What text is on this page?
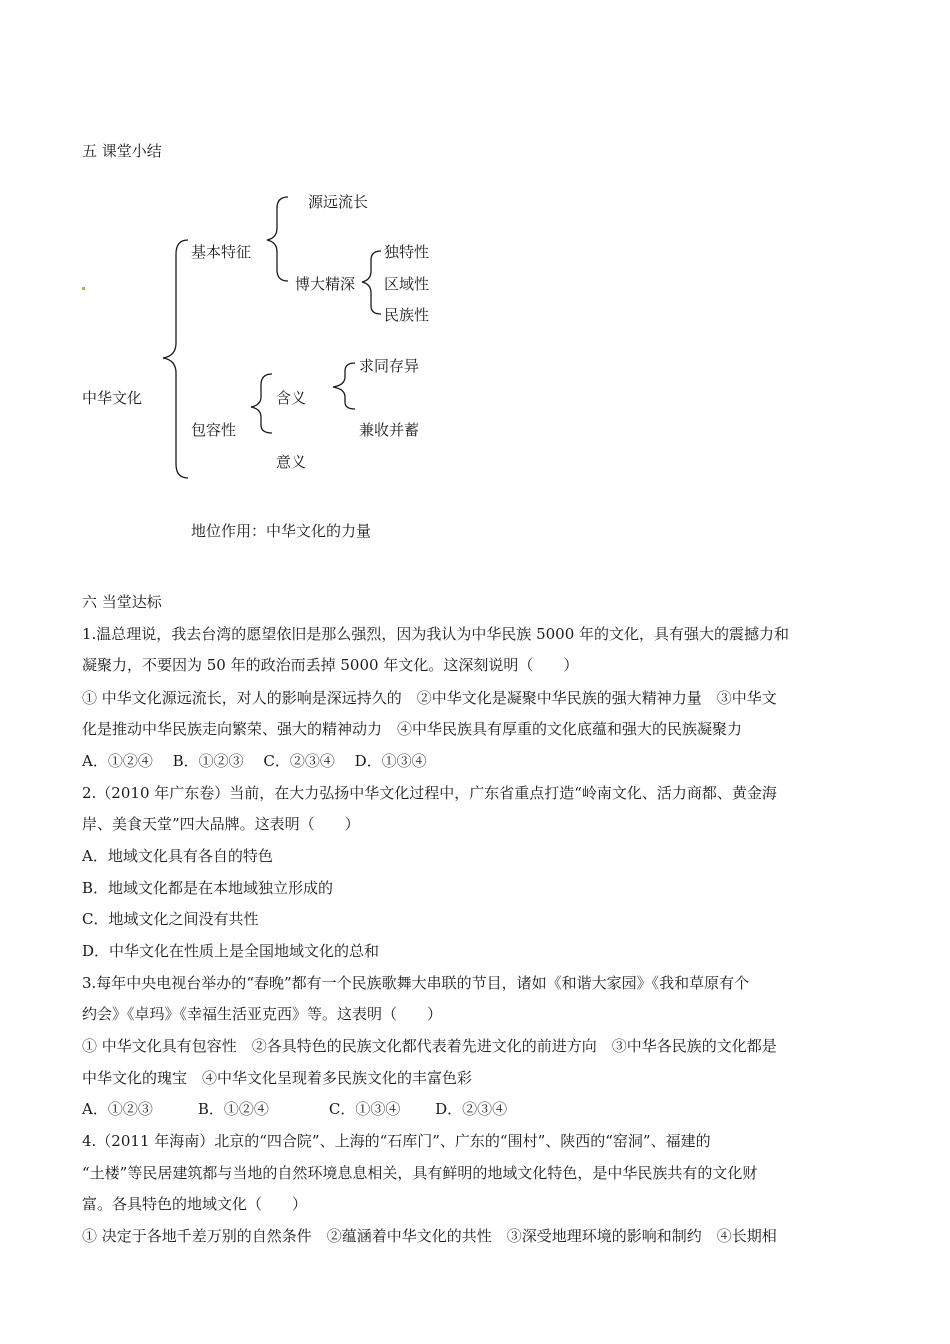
五 课堂小结
中华文化
基本特征
源远流长
博大精深
独特性
区域性
民族性
包容性
含义
求同存异
兼收并蓄
意义
地位作用：中华文化的力量
六 当堂达标
1.温总理说，我去台湾的愿望依旧是那么强烈，因为我认为中华民族 5000 年的文化，具有强大的震撼力和
凝聚力，不要因为 50 年的政治而丢掉 5000 年文化。这深刻说明（　　）
① 中华文化源远流长，对人的影响是深远持久的　②中华文化是凝聚中华民族的强大精神力量　③中华文
化是推动中华民族走向繁荣、强大的精神动力　④中华民族具有厚重的文化底蕴和强大的民族凝聚力
A．①②④　 B．①②③　 C．②③④　 D．①③④
2.（2010 年广东卷）当前，在大力弘扬中华文化过程中，广东省重点打造“岭南文化、活力商都、黄金海
岸、美食天堂”四大品牌。这表明（　　）
A．地域文化具有各自的特色
B．地域文化都是在本地域独立形成的
C．地域文化之间没有共性
D．中华文化在性质上是全国地域文化的总和
3.每年中央电视台举办的“春晚”都有一个民族歌舞大串联的节目，诸如《和谐大家园》《我和草原有个
约会》《卓玛》《幸福生活亚克西》等。这表明（　　）
① 中华文化具有包容性　②各具特色的民族文化都代表着先进文化的前进方向　③中华各民族的文化都是
中华文化的瑰宝　④中华文化呈现着多民族文化的丰富色彩
A．①②③　　　B．①②④　　　　C．①③④　　 D．②③④
4.（2011 年海南）北京的“四合院”、上海的“石库门”、广东的“围村”、陕西的“窑洞”、福建的
“土楼”等民居建筑都与当地的自然环境息息相关，具有鲜明的地域文化特色，是中华民族共有的文化财
富。各具特色的地域文化（　　）
① 决定于各地千差万别的自然条件　②蕴涵着中华文化的共性　③深受地理环境的影响和制约　④长期相
